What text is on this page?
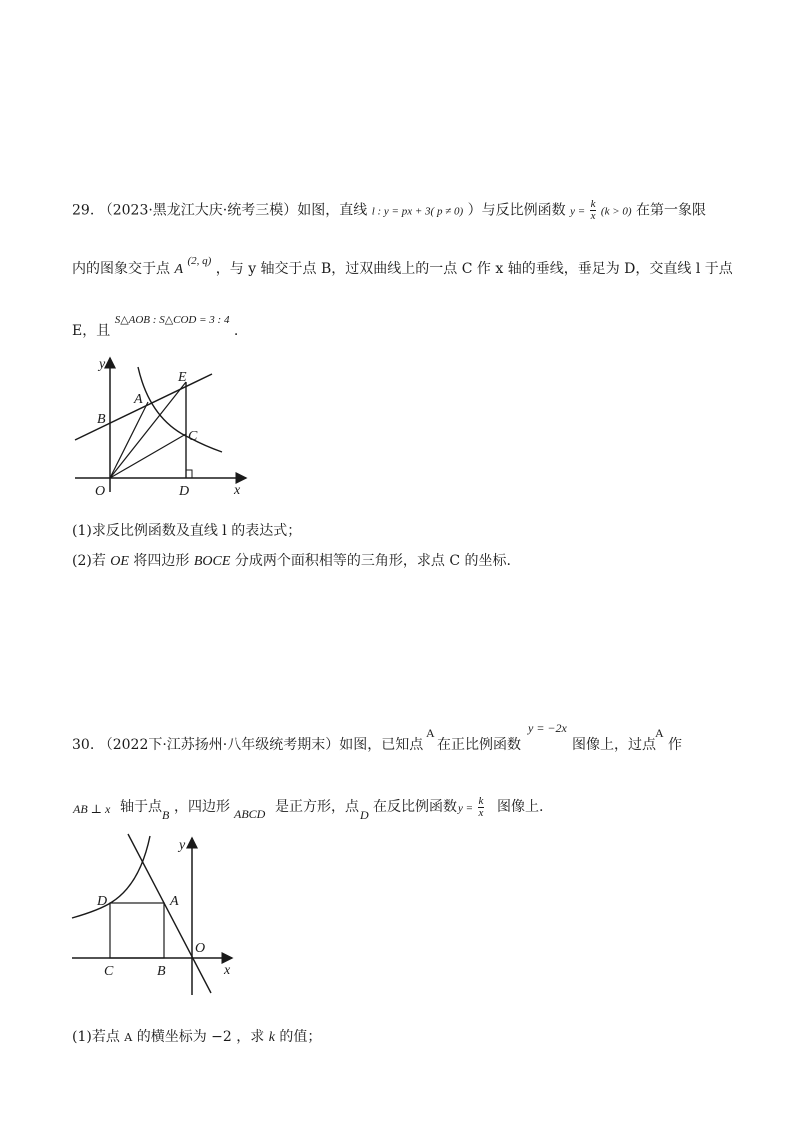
29. （2023·黑龙江大庆·统考三模）如图，直线 l : y = px + 3( p ≠ 0) ）与反比例函数 $y = \frac{k}{x} (k > 0)$ 在第一象限
内的图象交于点 A $^{(2, q)}$ ，与 y 轴交于点 B，过双曲线上的一点 C 作 x 轴的垂线，垂足为 D，交直线 l 于点
E，且 $^{S\triangle AOB : S\triangle COD = 3 : 4}$ .
y
E
A
B
C
O	D	x
(1)求反比例函数及直线 l 的表达式；
(2)若 OE 将四边形 BOCE 分成两个面积相等的三角形，求点 C 的坐标.
30. （2022下·江苏扬州·八年级统考期末）如图，已知点
A
在正比例函数
y = −2x
图像上，过点
A
作
AB ⊥ x 轴于点 B ，四边形 ABCD 是正方形，点 D 在反比例函数 $y = \frac{k}{x}$ 图像上.
y
D	A
O
C	B	x
(1)若点 A 的横坐标为 −2 ，求 k 的值；
